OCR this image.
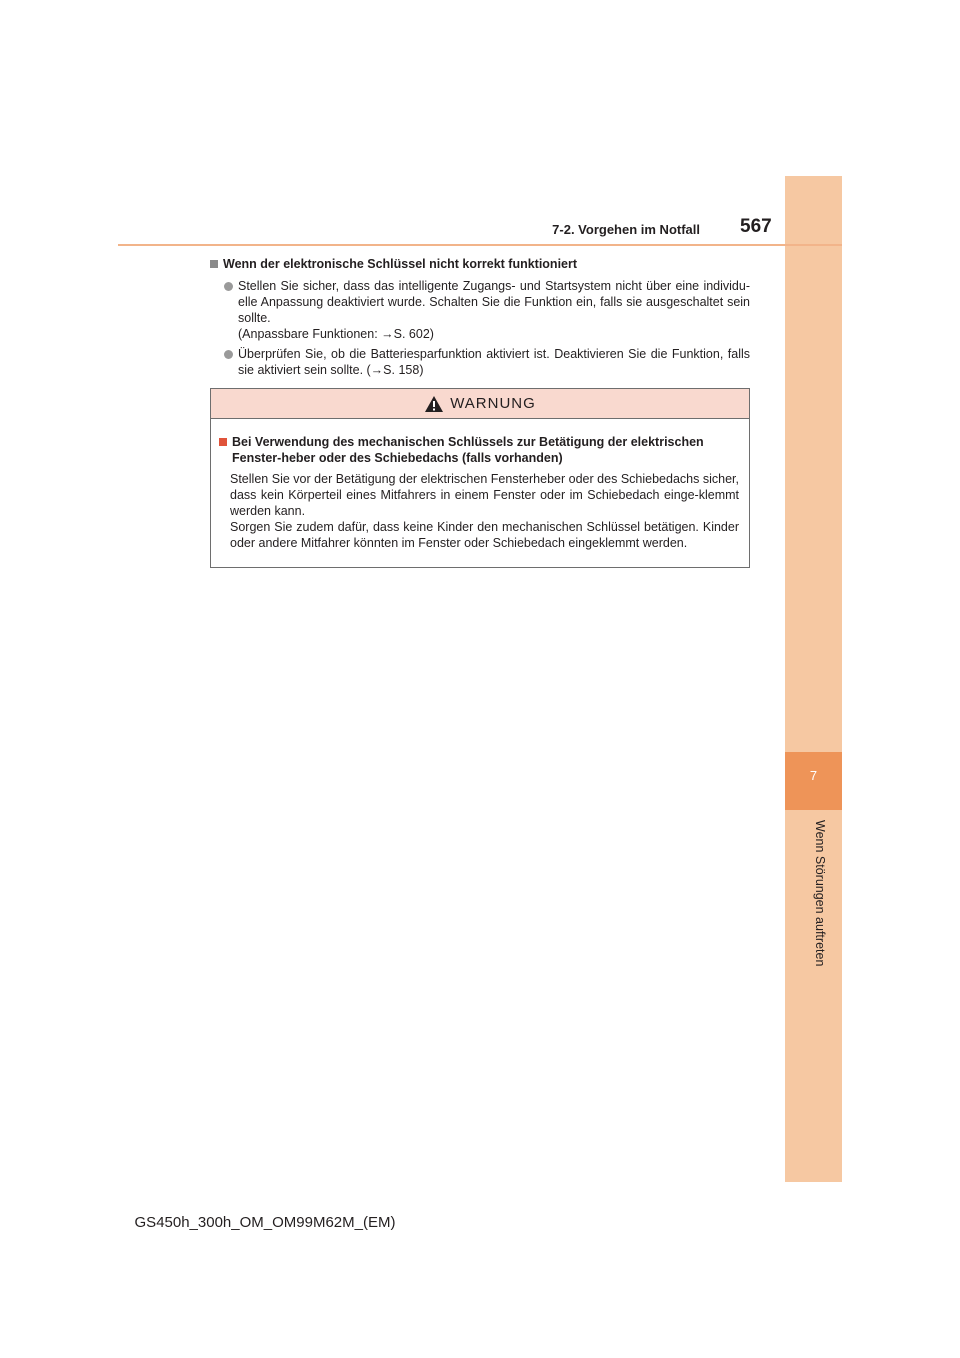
7
Wenn Störungen auftreten
7-2. Vorgehen im Notfall 567
Wenn der elektronische Schlüssel nicht korrekt funktioniert
Stellen Sie sicher, dass das intelligente Zugangs- und Startsystem nicht über eine individu-elle Anpassung deaktiviert wurde. Schalten Sie die Funktion ein, falls sie ausgeschaltet sein sollte.
(Anpassbare Funktionen: →S. 602)
Überprüfen Sie, ob die Batteriesparfunktion aktiviert ist. Deaktivieren Sie die Funktion, falls sie aktiviert sein sollte. (→S. 158)
WARNUNG
Bei Verwendung des mechanischen Schlüssels zur Betätigung der elektrischen Fenster-heber oder des Schiebedachs (falls vorhanden)
Stellen Sie vor der Betätigung der elektrischen Fensterheber oder des Schiebedachs sicher, dass kein Körperteil eines Mitfahrers in einem Fenster oder im Schiebedach einge-klemmt werden kann.
Sorgen Sie zudem dafür, dass keine Kinder den mechanischen Schlüssel betätigen. Kinder oder andere Mitfahrer könnten im Fenster oder Schiebedach eingeklemmt werden.
GS450h_300h_OM_OM99M62M_(EM)
